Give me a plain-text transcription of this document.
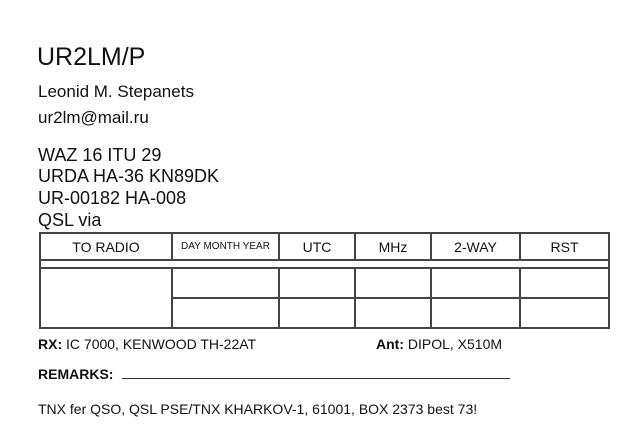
UR2LM/P
Leonid M. Stepanets
ur2lm@mail.ru
WAZ 16 ITU 29
URDA HA-36 KN89DK
UR-00182 HA-008
QSL via
TO RADIO	DAY MONTH YEAR	UTC	MHz	2-WAY	RST

RX: IC 7000, KENWOOD TH-22AT	Ant: DIPOL, X510M
REMARKS:
TNX fer QSO, QSL PSE/TNX KHARKOV-1, 61001, BOX 2373 best 73!
